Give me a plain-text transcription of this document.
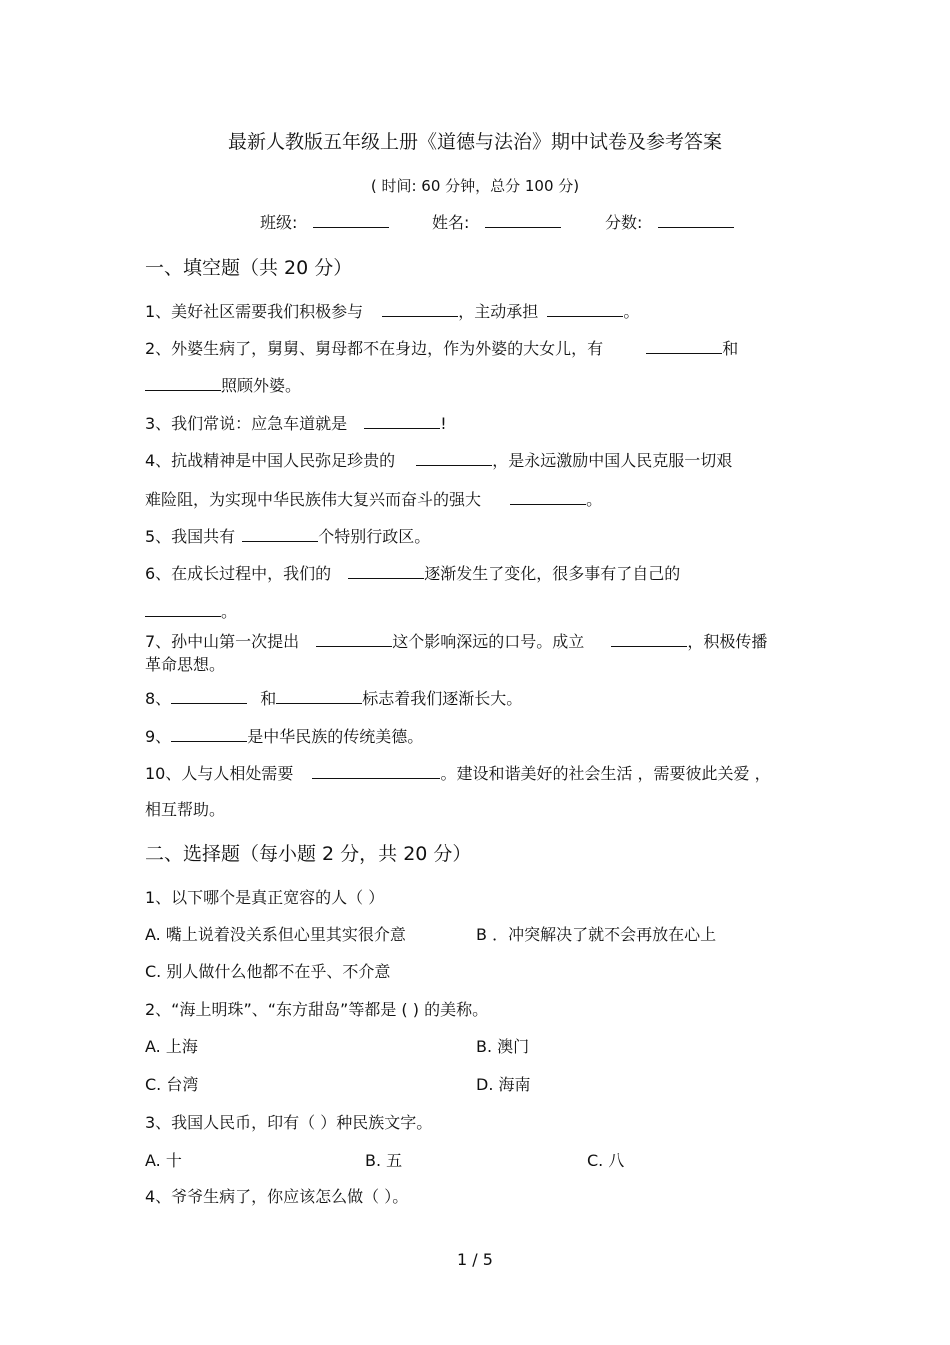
最新人教版五年级上册《道德与法治》期中试卷及参考答案
( 时间: 60 分钟，总分 100 分)
班级:	姓名:	分数:
一、填空题（共 20 分）
1、美好社区需要我们积极参与	，主动承担	。
2、外婆生病了，舅舅、舅母都不在身边，作为外婆的大女儿，有	和
照顾外婆。
3、我们常说：应急车道就是	!
4、抗战精神是中国人民弥足珍贵的	，是永远激励中国人民克服一切艰
难险阻，为实现中华民族伟大复兴而奋斗的强大	。
5、我国共有	个特别行政区。
6、在成长过程中，我们的	逐渐发生了变化，很多事有了自己的
。
7、孙中山第一次提出	这个影响深远的口号。成立	，积极传播
革命思想。
8、	和	标志着我们逐渐长大。
9、	是中华民族的传统美德。
10、人与人相处需要	。建设和谐美好的社会生活 ，需要彼此关爱 ，
相互帮助。
二、选择题（每小题 2 分，共 20 分）
1、以下哪个是真正宽容的人（ ）
A. 嘴上说着没关系但心里其实很介意	B ．冲突解决了就不会再放在心上
C. 别人做什么他都不在乎、不介意
2、“海上明珠”、“东方甜岛”等都是 ( ) 的美称。
A. 上海	B. 澳门
C. 台湾	D. 海南
3、我国人民币，印有（ ）种民族文字。
A. 十	B. 五	C. 八
4、爷爷生病了，你应该怎么做（ ）。
1 / 5
